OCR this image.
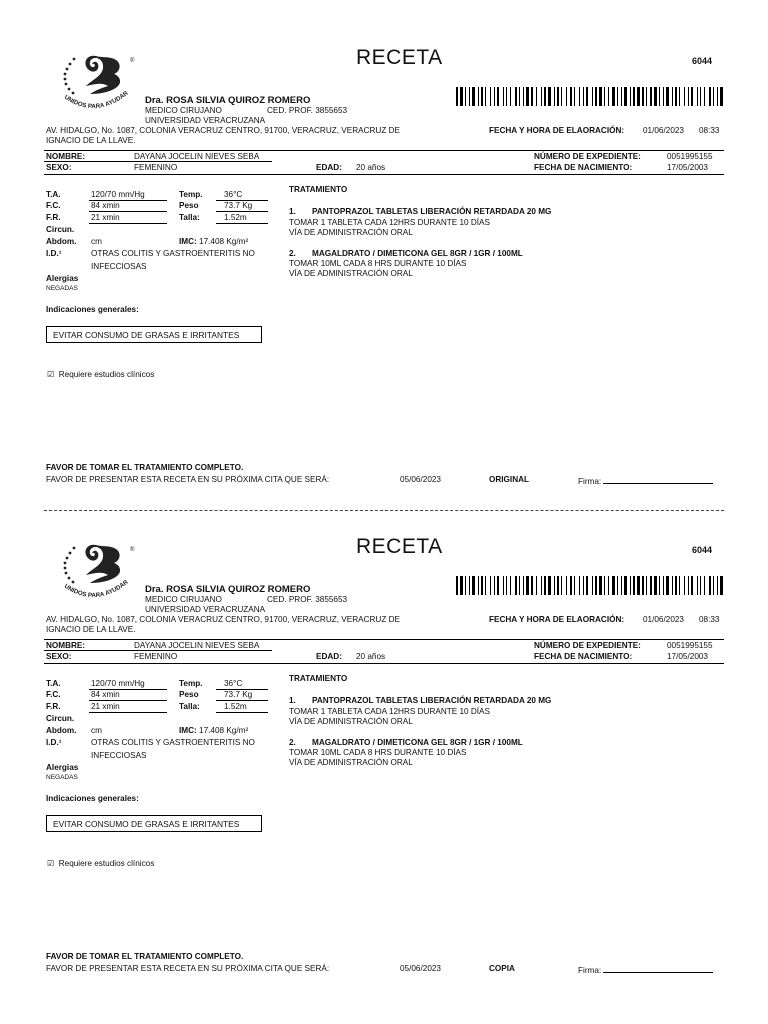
®
UNIDOS PARA AYUDAR
RECETA	6044
Dra. ROSA SILVIA QUIROZ ROMERO
MEDICO CIRUJANO	CED. PROF. 3855653
UNIVERSIDAD VERACRUZANA
AV. HIDALGO, No. 1087, COLONIA VERACRUZ CENTRO, 91700, VERACRUZ, VERACRUZ DE
IGNACIO DE LA LLAVE.
FECHA Y HORA DE ELAORACIÓN: 01/06/2023 08:33
NOMBRE:	DAYANA JOCELIN NIEVES SEBA	NÚMERO DE EXPEDIENTE:	0051995155
SEXO:	FEMENINO	EDAD: 20 años	FECHA DE NACIMIENTO:	17/05/2003
T.A.	120/70 mm/Hg	Temp.	36°C
F.C.	84 xmin	Peso	73.7 Kg
F.R.	21 xmin	Talla:	1.52m
Circun.
Abdom. cm	IMC: 17.408 Kg/m²
I.D.¹	OTRAS COLITIS Y GASTROENTERITIS NO
INFECCIOSAS
Alergias
NEGADAS
Indicaciones generales:
EVITAR CONSUMO DE GRASAS E IRRITANTES
☑ Requiere estudios clínicos
TRATAMIENTO
1. PANTOPRAZOL TABLETAS LIBERACIÓN RETARDADA 20 MG
TOMAR 1 TABLETA CADA 12HRS DURANTE 10 DÍAS
VÍA DE ADMINISTRACIÓN ORAL
2. MAGALDRATO / DIMETICONA GEL 8GR / 1GR / 100ML
TOMAR 10ML CADA 8 HRS DURANTE 10 DÍAS
VÍA DE ADMINISTRACIÓN ORAL
FAVOR DE TOMAR EL TRATAMIENTO COMPLETO.
FAVOR DE PRESENTAR ESTA RECETA EN SU PRÓXIMA CITA QUE SERÁ:	05/06/2023	ORIGINAL	Firma:
®
UNIDOS PARA AYUDAR
RECETA	6044
Dra. ROSA SILVIA QUIROZ ROMERO
MEDICO CIRUJANO	CED. PROF. 3855653
UNIVERSIDAD VERACRUZANA
AV. HIDALGO, No. 1087, COLONIA VERACRUZ CENTRO, 91700, VERACRUZ, VERACRUZ DE
IGNACIO DE LA LLAVE.
FECHA Y HORA DE ELAORACIÓN: 01/06/2023 08:33
NOMBRE:	DAYANA JOCELIN NIEVES SEBA	NÚMERO DE EXPEDIENTE:	0051995155
SEXO:	FEMENINO	EDAD: 20 años	FECHA DE NACIMIENTO:	17/05/2003
T.A.	120/70 mm/Hg	Temp.	36°C
F.C.	84 xmin	Peso	73.7 Kg
F.R.	21 xmin	Talla:	1.52m
Circun.
Abdom. cm	IMC: 17.408 Kg/m²
I.D.¹	OTRAS COLITIS Y GASTROENTERITIS NO
INFECCIOSAS
Alergias
NEGADAS
Indicaciones generales:
EVITAR CONSUMO DE GRASAS E IRRITANTES
☑ Requiere estudios clínicos
TRATAMIENTO
1. PANTOPRAZOL TABLETAS LIBERACIÓN RETARDADA 20 MG
TOMAR 1 TABLETA CADA 12HRS DURANTE 10 DÍAS
VÍA DE ADMINISTRACIÓN ORAL
2. MAGALDRATO / DIMETICONA GEL 8GR / 1GR / 100ML
TOMAR 10ML CADA 8 HRS DURANTE 10 DÍAS
VÍA DE ADMINISTRACIÓN ORAL
FAVOR DE TOMAR EL TRATAMIENTO COMPLETO.
FAVOR DE PRESENTAR ESTA RECETA EN SU PRÓXIMA CITA QUE SERÁ:	05/06/2023	COPIA	Firma:
